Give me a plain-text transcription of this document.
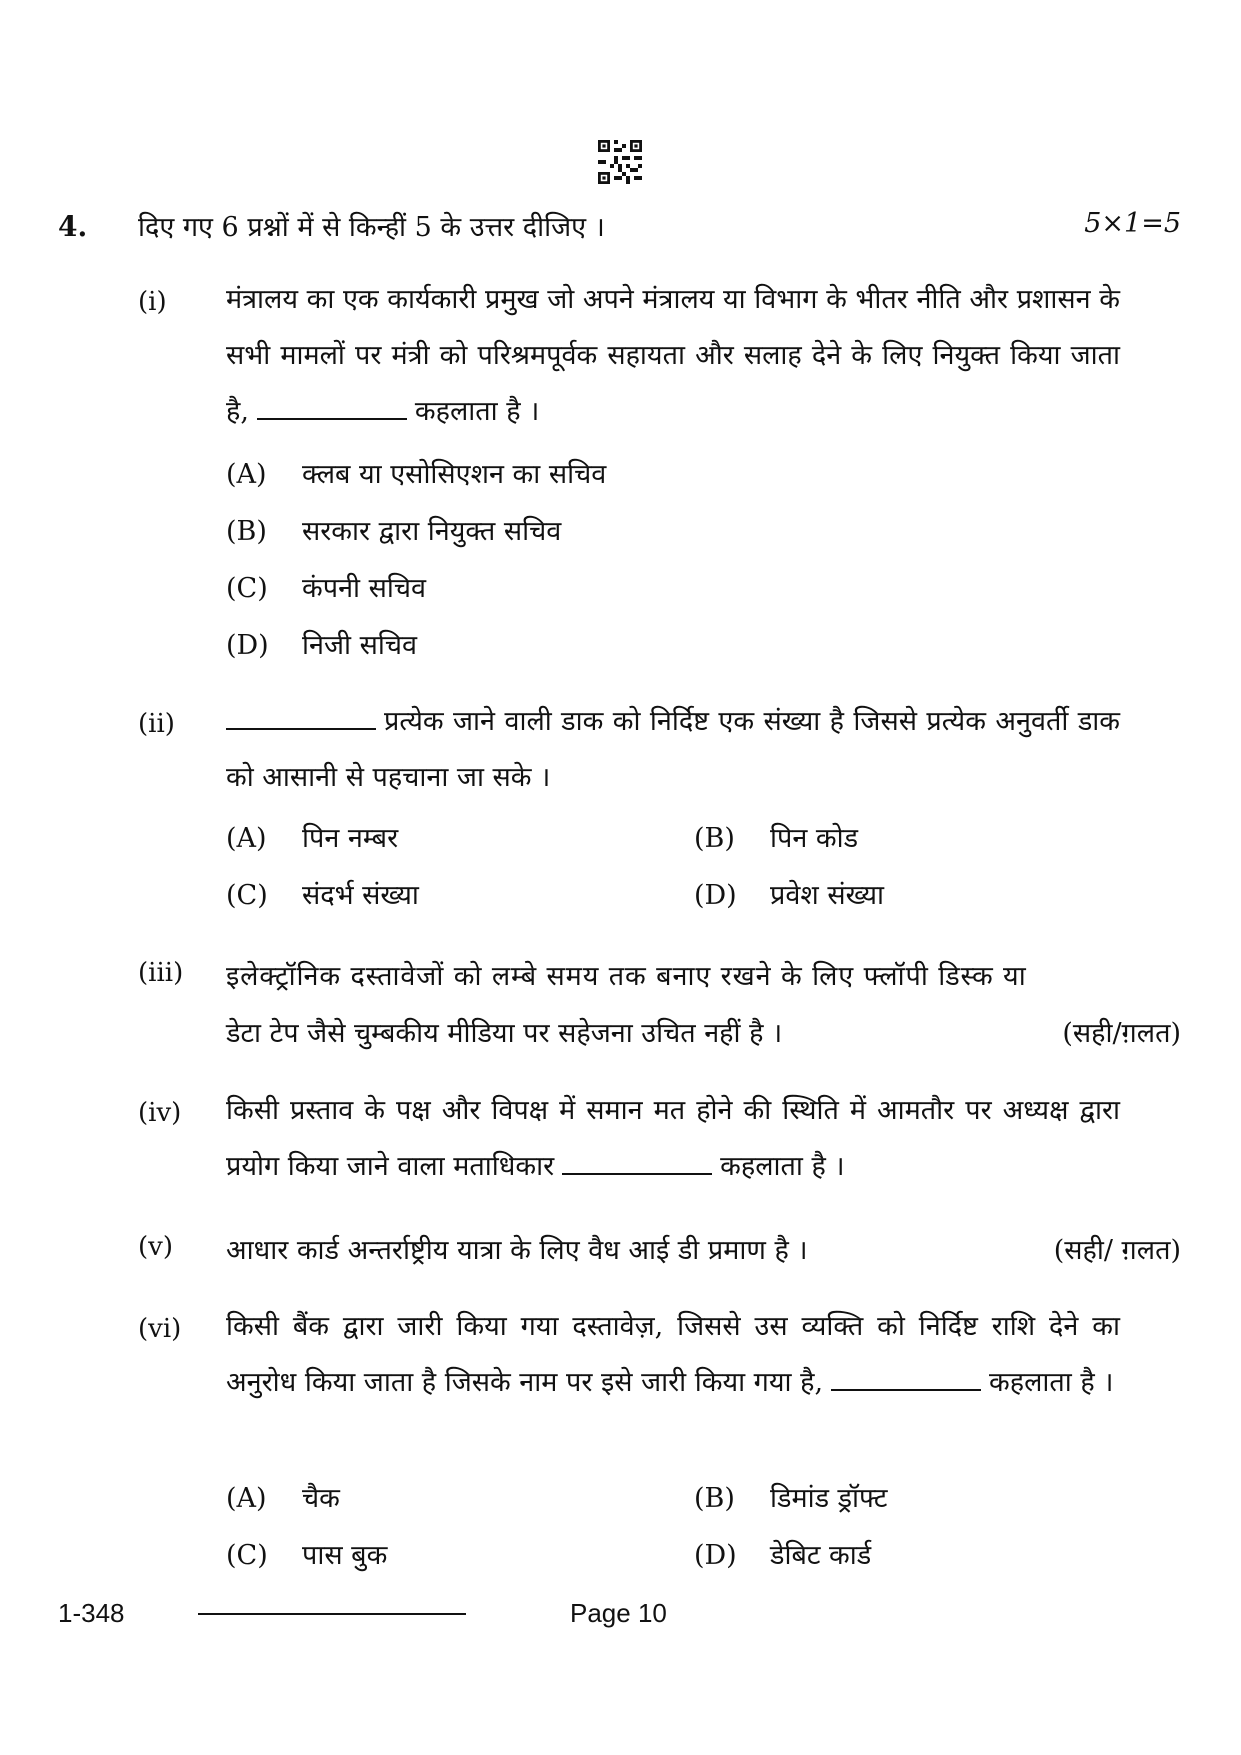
4. दिए गए 6 प्रश्नों में से किन्हीं 5 के उत्तर दीजिए ।	5×1=5
(i) मंत्रालय का एक कार्यकारी प्रमुख जो अपने मंत्रालय या विभाग के भीतर नीति और प्रशासन के सभी मामलों पर मंत्री को परिश्रमपूर्वक सहायता और सलाह देने के लिए नियुक्त किया जाता है,	कहलाता है ।
(A) क्लब या एसोसिएशन का सचिव
(B) सरकार द्वारा नियुक्त सचिव
(C) कंपनी सचिव
(D) निजी सचिव
(ii)	प्रत्येक जाने वाली डाक को निर्दिष्ट एक संख्या है जिससे प्रत्येक अनुवर्ती डाक को आसानी से पहचाना जा सके ।
(A) पिन नम्बर	(B) पिन कोड
(C) संदर्भ संख्या	(D) प्रवेश संख्या
(iii) इलेक्ट्रॉनिक दस्तावेजों को लम्बे समय तक बनाए रखने के लिए फ्लॉपी डिस्क या
डेटा टेप जैसे चुम्बकीय मीडिया पर सहेजना उचित नहीं है ।	(सही/ग़लत)
(iv) किसी प्रस्ताव के पक्ष और विपक्ष में समान मत होने की स्थिति में आमतौर पर अध्यक्ष द्वारा प्रयोग किया जाने वाला मताधिकार	कहलाता है ।
(v) आधार कार्ड अन्तर्राष्ट्रीय यात्रा के लिए वैध आई डी प्रमाण है ।	(सही/ ग़लत)
(vi) किसी बैंक द्वारा जारी किया गया दस्तावेज़, जिससे उस व्यक्ति को निर्दिष्ट राशि देने का अनुरोध किया जाता है जिसके नाम पर इसे जारी किया गया है,	कहलाता है ।
(A) चैक	(B) डिमांड ड्रॉफ्ट
(C) पास बुक	(D) डेबिट कार्ड
1-348	Page 10
